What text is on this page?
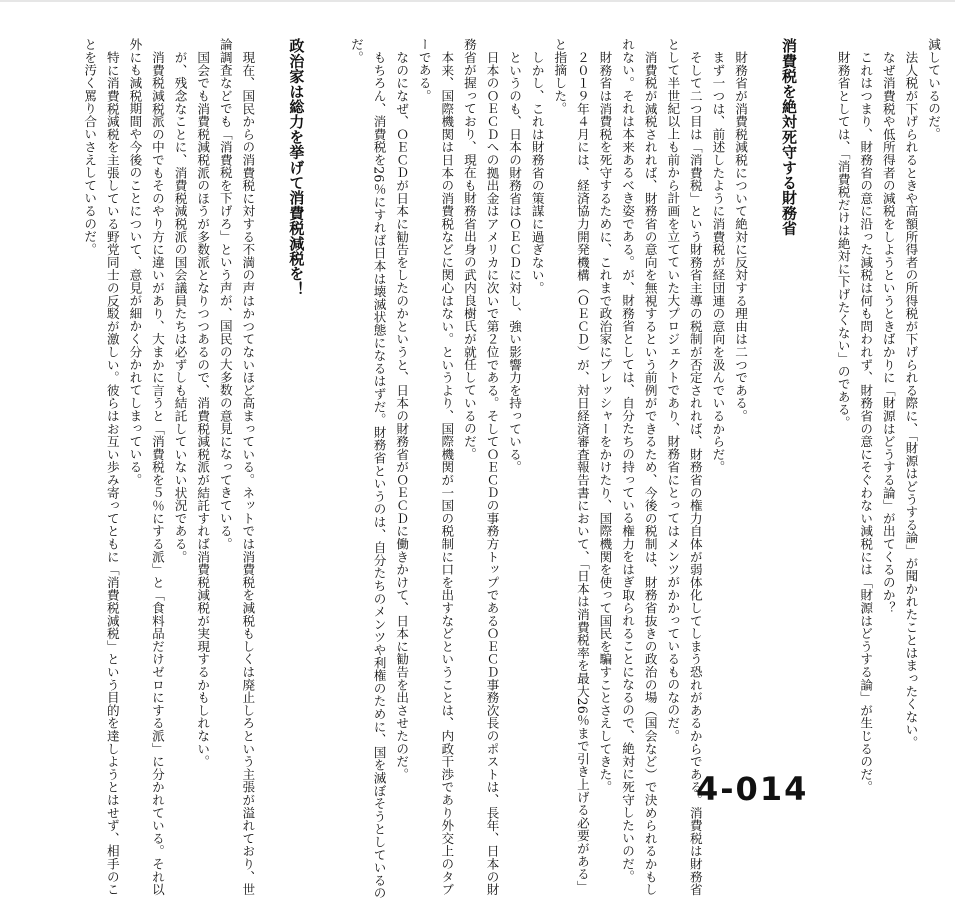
減しているのだ。

法人税が下げられるときや高額所得者の所得税が下げられる際に、「財源はどうする論」が聞かれたことはまったくない。

なぜ消費税や低所得者の減税をしようというときばかりに「財源はどうする論」が出てくるのか？

これはつまり、財務省の意に沿った減税は何も問われず、財務省の意にそぐわない減税には「財源はどうする論」が生じるのだ。

財務省としては、「消費税だけは絶対に下げたくない」のである。

消費税を絶対死守する財務省

財務省が消費税減税について絶対に反対する理由は二つである。

まず一つは、前述したように消費税が経団連の意向を汲んでいるからだ。

そして二つ目は「消費税」という財務省主導の税制が否定されれば、財務省の権力自体が弱体化してしまう恐れがあるからである。消費税は財務省として半世紀以上も前から計画を立てていた大プロジェクトであり、財務省にとってはメンツがかかっているものなのだ。

消費税が減税されれば、財務省の意向を無視するという前例ができるため、今後の税制は、財務省抜きの政治の場（国会など）で決められるかもしれない。それは本来あるべき姿である。が、財務省としては、自分たちの持っている権力をはぎ取られることになるので、絶対に死守したいのだ。

財務省は消費税を死守するために、これまで政治家にプレッシャーをかけたり、国際機関を使って国民を騙すことさえしてきた。

２０１９年４月には、経済協力開発機構（ＯＥＣＤ）が、対日経済審査報告書において、「日本は消費税率を最大26％まで引き上げる必要がある」と指摘した。

しかし、これは財務省の策謀に過ぎない。

というのも、日本の財務省はＯＥＣＤに対し、強い影響力を持っている。

日本のＯＥＣＤへの拠出金はアメリカに次いで第２位である。そしてＯＥＣＤの事務方トップであるＯＥＣＤ事務次長のポストは、長年、日本の財務省が握っており、現在も財務省出身の武内良樹氏が就任しているのだ。

本来、国際機関は日本の消費税などに関心はない。というより、国際機関が一国の税制に口を出すなどということは、内政干渉であり外交上のタブーである。

なのになぜ、ＯＥＣＤが日本に勧告をしたのかというと、日本の財務省がＯＥＣＤに働きかけて、日本に勧告を出させたのだ。

もちろん、消費税を26％にすれば日本は壊滅状態になるはずだ。財務省というのは、自分たちのメンツや利権のために、国を滅ぼそうとしているのだ。

政治家は総力を挙げて消費税減税を！

現在、国民からの消費税に対する不満の声はかつてないほど高まっている。ネットでは消費税を減税もしくは廃止しろという主張が溢れており、世論調査などでも「消費税を下げろ」という声が、国民の大多数の意見になってきている。

国会でも消費税減税派のほうが多数派となりつつあるので、消費税減税派が結託すれば消費税減税が実現するかもしれない。

が、残念なことに、消費税減税派の国会議員たちは必ずしも結託していない状況である。

消費税減税派の中でもそのやり方に違いがあり、大まかに言うと「消費税を５％にする派」と「食料品だけゼロにする派」に分かれている。それ以外にも減税期間や今後のことについて、意見が細かく分かれてしまっている。

特に消費税減税を主張している野党同士の反駁が激しい。彼らはお互い歩み寄ってともに「消費税減税」という目的を達しようとはせず、相手のことを汚く罵り合いさえしているのだ。

4-014
